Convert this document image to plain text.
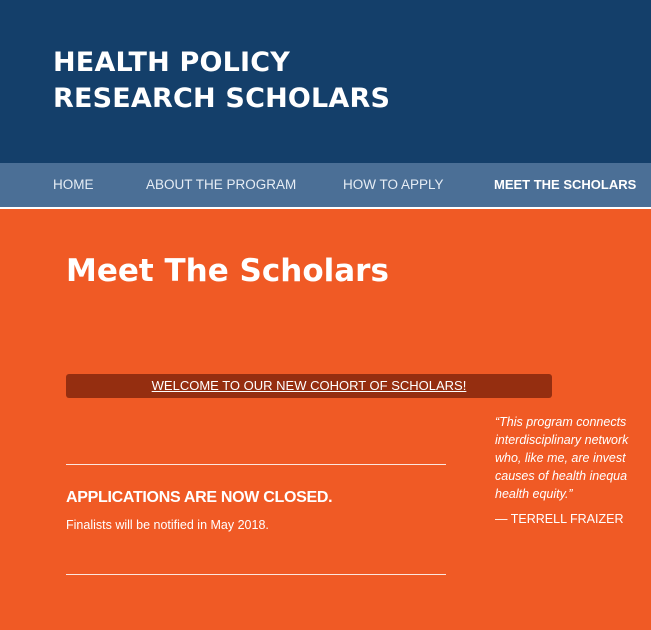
HEALTH POLICY
RESEARCH SCHOLARS
HOME	ABOUT THE PROGRAM	HOW TO APPLY	MEET THE SCHOLARS
Meet The Scholars
WELCOME TO OUR NEW COHORT OF SCHOLARS!
APPLICATIONS ARE NOW CLOSED.

Finalists will be notified in May 2018.

“This program connects
interdisciplinary network
who, like me, are invest
causes of health inequa
health equity.”

— TERRELL FRAIZER
